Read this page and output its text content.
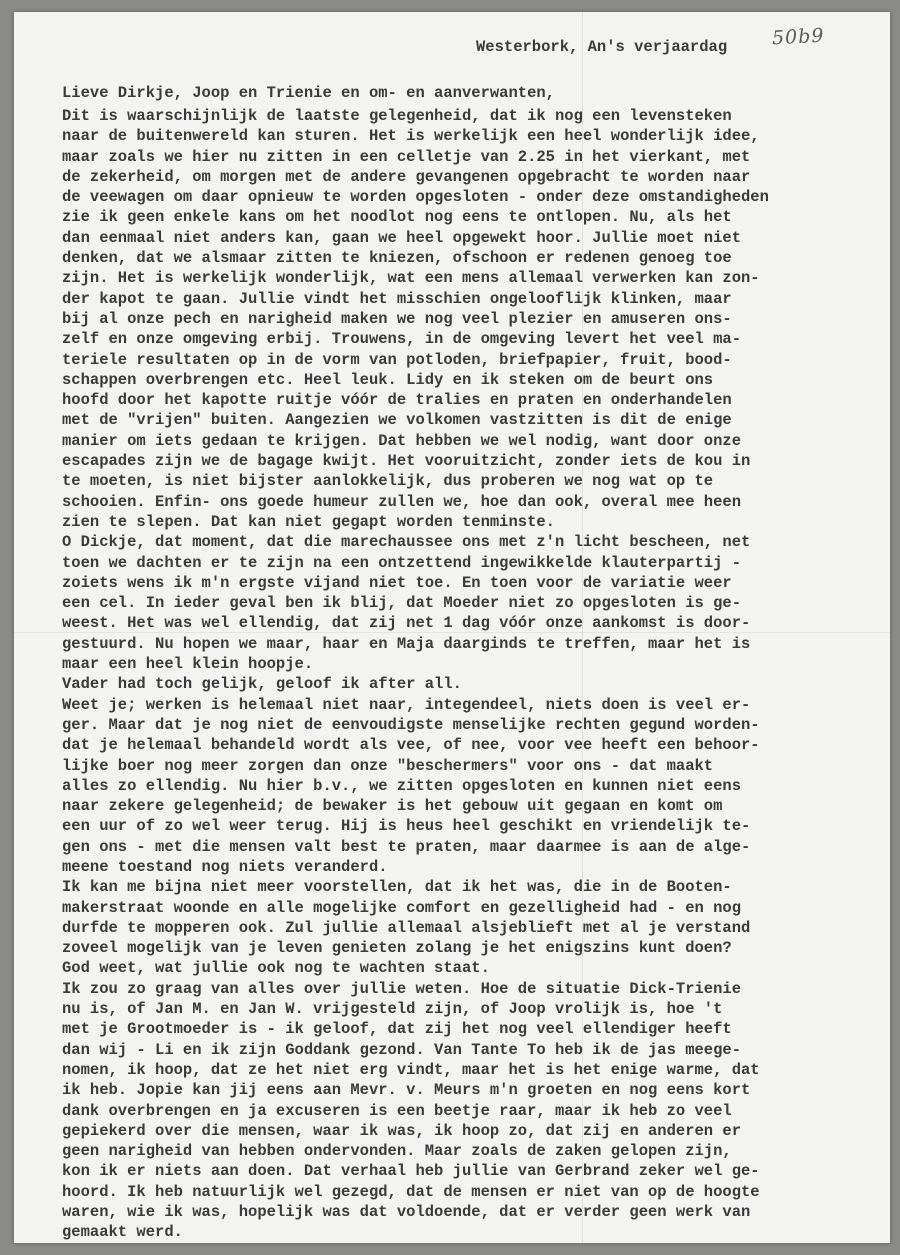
50b9
Westerbork, An's verjaardag
Lieve Dirkje, Joop en Trienie en om- en aanverwanten,
Dit is waarschijnlijk de laatste gelegenheid, dat ik nog een levensteken
naar de buitenwereld kan sturen. Het is werkelijk een heel wonderlijk idee,
maar zoals we hier nu zitten in een celletje van 2.25 in het vierkant, met
de zekerheid, om morgen met de andere gevangenen opgebracht te worden naar
de veewagen om daar opnieuw te worden opgesloten - onder deze omstandigheden
zie ik geen enkele kans om het noodlot nog eens te ontlopen. Nu, als het
dan eenmaal niet anders kan, gaan we heel opgewekt hoor. Jullie moet niet
denken, dat we alsmaar zitten te kniezen, ofschoon er redenen genoeg toe
zijn. Het is werkelijk wonderlijk, wat een mens allemaal verwerken kan zon-
der kapot te gaan. Jullie vindt het misschien ongelooflijk klinken, maar
bij al onze pech en narigheid maken we nog veel plezier en amuseren ons-
zelf en onze omgeving erbij. Trouwens, in de omgeving levert het veel ma-
teriele resultaten op in de vorm van potloden, briefpapier, fruit, bood-
schappen overbrengen etc. Heel leuk. Lidy en ik steken om de beurt ons
hoofd door het kapotte ruitje vóór de tralies en praten en onderhandelen
met de "vrijen" buiten. Aangezien we volkomen vastzitten is dit de enige
manier om iets gedaan te krijgen. Dat hebben we wel nodig, want door onze
escapades zijn we de bagage kwijt. Het vooruitzicht, zonder iets de kou in
te moeten, is niet bijster aanlokkelijk, dus proberen we nog wat op te
schooien. Enfin- ons goede humeur zullen we, hoe dan ook, overal mee heen
zien te slepen. Dat kan niet gegapt worden tenminste.
O Dickje, dat moment, dat die marechaussee ons met z'n licht bescheen, net
toen we dachten er te zijn na een ontzettend ingewikkelde klauterpartij -
zoiets wens ik m'n ergste vijand niet toe. En toen voor de variatie weer
een cel. In ieder geval ben ik blij, dat Moeder niet zo opgesloten is ge-
weest. Het was wel ellendig, dat zij net 1 dag vóór onze aankomst is door-
gestuurd. Nu hopen we maar, haar en Maja daarginds te treffen, maar het is
maar een heel klein hoopje.
Vader had toch gelijk, geloof ik after all.
Weet je; werken is helemaal niet naar, integendeel, niets doen is veel er-
ger. Maar dat je nog niet de eenvoudigste menselijke rechten gegund worden-
dat je helemaal behandeld wordt als vee, of nee, voor vee heeft een behoor-
lijke boer nog meer zorgen dan onze "beschermers" voor ons - dat maakt
alles zo ellendig. Nu hier b.v., we zitten opgesloten en kunnen niet eens
naar zekere gelegenheid; de bewaker is het gebouw uit gegaan en komt om
een uur of zo wel weer terug. Hij is heus heel geschikt en vriendelijk te-
gen ons - met die mensen valt best te praten, maar daarmee is aan de alge-
meene toestand nog niets veranderd.
Ik kan me bijna niet meer voorstellen, dat ik het was, die in de Booten-
makerstraat woonde en alle mogelijke comfort en gezelligheid had - en nog
durfde te mopperen ook. Zul jullie allemaal alsjeblieft met al je verstand
zoveel mogelijk van je leven genieten zolang je het enigszins kunt doen?
God weet, wat jullie ook nog te wachten staat.
Ik zou zo graag van alles over jullie weten. Hoe de situatie Dick-Trienie
nu is, of Jan M. en Jan W. vrijgesteld zijn, of Joop vrolijk is, hoe 't
met je Grootmoeder is - ik geloof, dat zij het nog veel ellendiger heeft
dan wij - Li en ik zijn Goddank gezond. Van Tante To heb ik de jas meege-
nomen, ik hoop, dat ze het niet erg vindt, maar het is het enige warme, dat
ik heb. Jopie kan jij eens aan Mevr. v. Meurs m'n groeten en nog eens kort
dank overbrengen en ja excuseren is een beetje raar, maar ik heb zo veel
gepiekerd over die mensen, waar ik was, ik hoop zo, dat zij en anderen er
geen narigheid van hebben ondervonden. Maar zoals de zaken gelopen zijn,
kon ik er niets aan doen. Dat verhaal heb jullie van Gerbrand zeker wel ge-
hoord. Ik heb natuurlijk wel gezegd, dat de mensen er niet van op de hoogte
waren, wie ik was, hopelijk was dat voldoende, dat er verder geen werk van
gemaakt werd.
